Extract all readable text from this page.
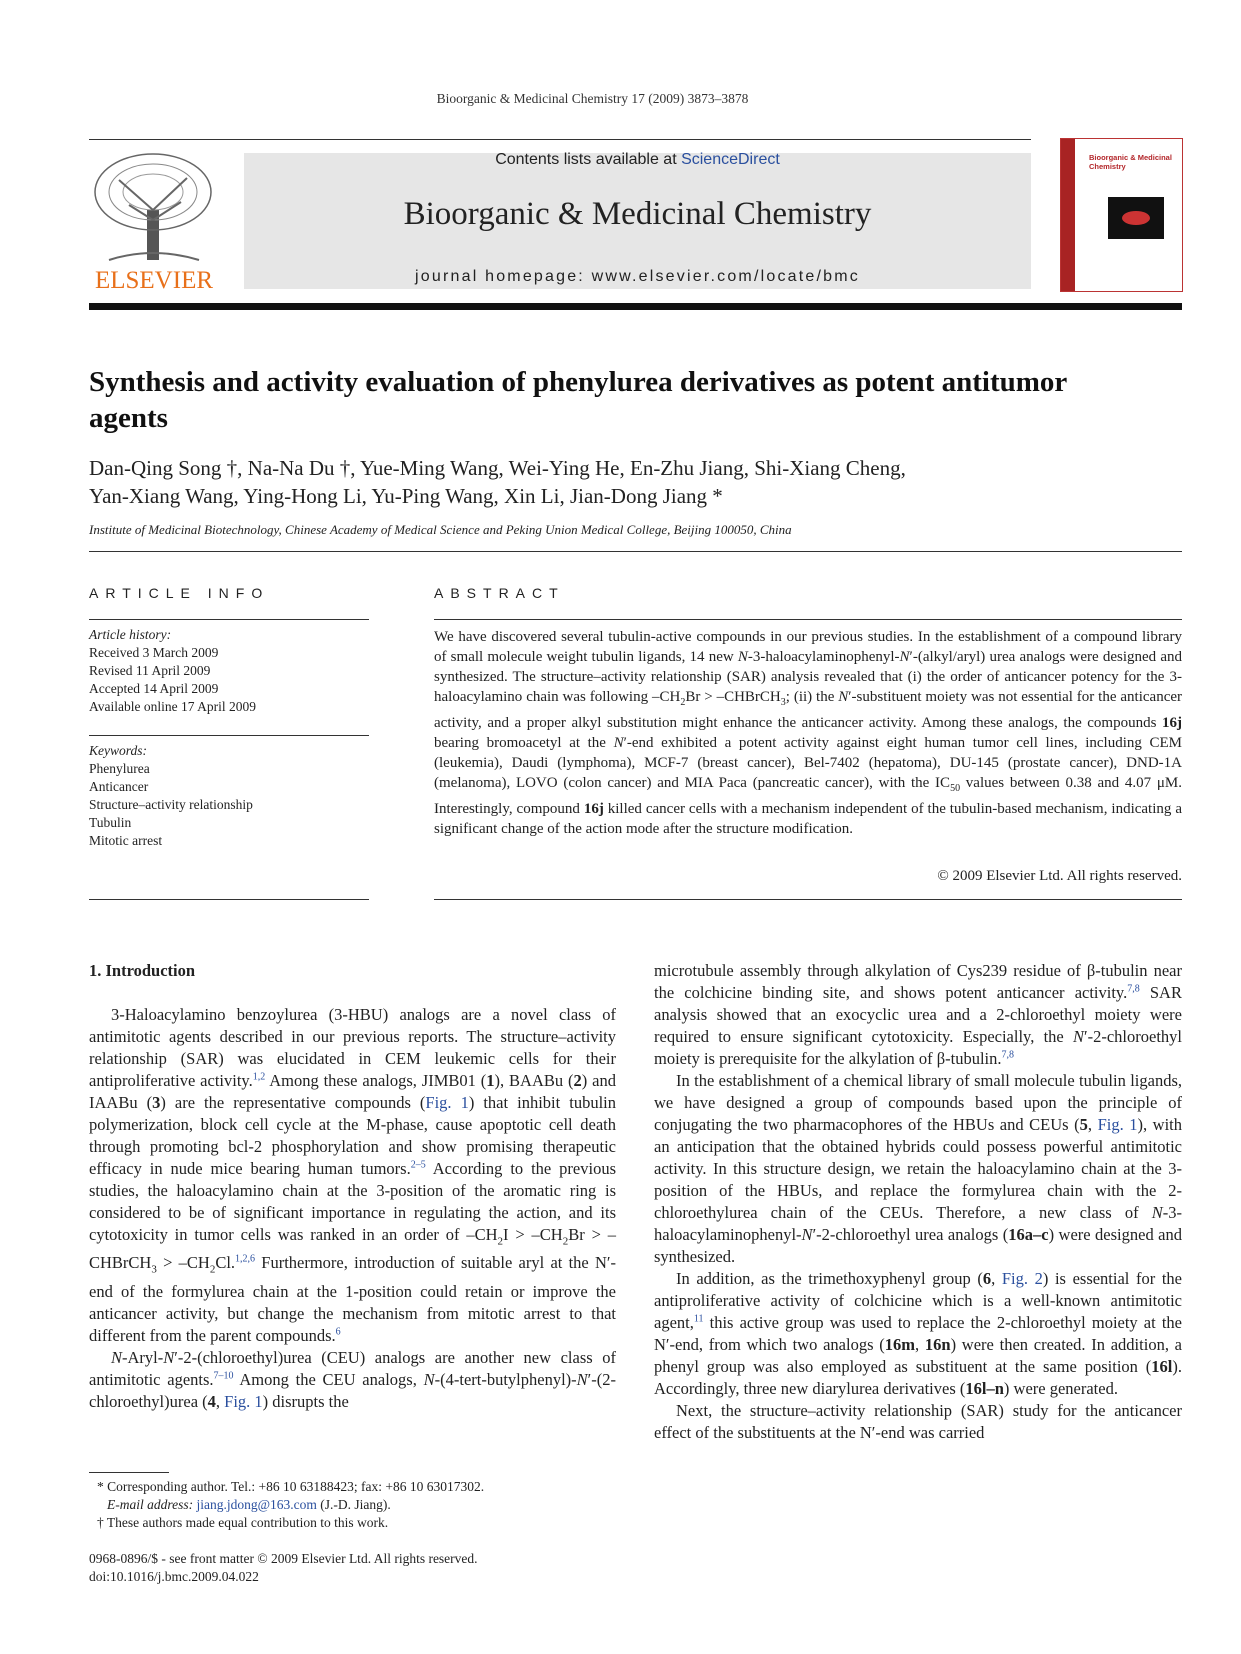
Bioorganic & Medicinal Chemistry 17 (2009) 3873–3878
ELSEVIER
Contents lists available at ScienceDirect
Bioorganic & Medicinal Chemistry
journal homepage: www.elsevier.com/locate/bmc
Bioorganic & Medicinal Chemistry
Synthesis and activity evaluation of phenylurea derivatives as potent antitumor agents
Dan-Qing Song †, Na-Na Du †, Yue-Ming Wang, Wei-Ying He, En-Zhu Jiang, Shi-Xiang Cheng,
Yan-Xiang Wang, Ying-Hong Li, Yu-Ping Wang, Xin Li, Jian-Dong Jiang *
Institute of Medicinal Biotechnology, Chinese Academy of Medical Science and Peking Union Medical College, Beijing 100050, China
ARTICLE INFO	ABSTRACT
Article history:
Received 3 March 2009
Revised 11 April 2009
Accepted 14 April 2009
Available online 17 April 2009
Keywords:
Phenylurea
Anticancer
Structure–activity relationship
Tubulin
Mitotic arrest
We have discovered several tubulin-active compounds in our previous studies. In the establishment of a compound library of small molecule weight tubulin ligands, 14 new N-3-haloacylaminophenyl-N′-(alkyl/aryl) urea analogs were designed and synthesized. The structure–activity relationship (SAR) analysis revealed that (i) the order of anticancer potency for the 3-haloacylamino chain was following $-CH_2Br$ > –CHBrCH$_3$; (ii) the N′-substituent moiety was not essential for the anticancer activity, and a proper alkyl substitution might enhance the anticancer activity. Among these analogs, the compounds 16j bearing bromoacetyl at the N′-end exhibited a potent activity against eight human tumor cell lines, including CEM (leukemia), Daudi (lymphoma), MCF-7 (breast cancer), Bel-7402 (hepatoma), DU-145 (prostate cancer), DND-1A (melanoma), LOVO (colon cancer) and MIA Paca (pancreatic cancer), with the $IC_{50}$ values between 0.38 and 4.07 μM. Interestingly, compound 16j killed cancer cells with a mechanism independent of the tubulin-based mechanism, indicating a significant change of the action mode after the structure modification.
© 2009 Elsevier Ltd. All rights reserved.
1. Introduction

3-Haloacylamino benzoylurea (3-HBU) analogs are a novel class of antimitotic agents described in our previous reports. The structure–activity relationship (SAR) was elucidated in CEM leukemic cells for their antiproliferative activity.$^{1,2}$ Among these analogs, JIMB01 (1), BAABu (2) and IAABu (3) are the representative compounds (Fig. 1) that inhibit tubulin polymerization, block cell cycle at the M-phase, cause apoptotic cell death through promoting bcl-2 phosphorylation and show promising therapeutic efficacy in nude mice bearing human tumors.$^{2-5}$ According to the previous studies, the haloacylamino chain at the 3-position of the aromatic ring is considered to be of significant importance in regulating the action, and its cytotoxicity in tumor cells was ranked in an order of $-CH_2I > -CH_2Br$ > –CHBrCH$_3$ > $-CH_2Cl.^{1,2,6}$ Furthermore, introduction of suitable aryl at the N′-end of the formylurea chain at the 1-position could retain or improve the anticancer activity, but change the mechanism from mitotic arrest to that different from the parent compounds.$^6$

N-Aryl-N′-2-(chloroethyl)urea (CEU) analogs are another new class of antimitotic agents.$^{7-10}$ Among the CEU analogs, N-(4-tert-butylphenyl)-N′-(2-chloroethyl)urea (4, Fig. 1) disrupts the

microtubule assembly through alkylation of Cys239 residue of β-tubulin near the colchicine binding site, and shows potent anticancer activity.$^{7,8}$ SAR analysis showed that an exocyclic urea and a 2-chloroethyl moiety were required to ensure significant cytotoxicity. Especially, the N′-2-chloroethyl moiety is prerequisite for the alkylation of β-tubulin.$^{7,8}$

In the establishment of a chemical library of small molecule tubulin ligands, we have designed a group of compounds based upon the principle of conjugating the two pharmacophores of the HBUs and CEUs (5, Fig. 1), with an anticipation that the obtained hybrids could possess powerful antimitotic activity. In this structure design, we retain the haloacylamino chain at the 3-position of the HBUs, and replace the formylurea chain with the 2-chloroethylurea chain of the CEUs. Therefore, a new class of N-3-haloacylaminophenyl-N′-2-chloroethyl urea analogs (16a–c) were designed and synthesized.

In addition, as the trimethoxyphenyl group (6, Fig. 2) is essential for the antiproliferative activity of colchicine which is a well-known antimitotic agent,$^{11}$ this active group was used to replace the 2-chloroethyl moiety at the N′-end, from which two analogs (16m, 16n) were then created. In addition, a phenyl group was also employed as substituent at the same position (16l). Accordingly, three new diarylurea derivatives (16l–n) were generated.

Next, the structure–activity relationship (SAR) study for the anticancer effect of the substituents at the N′-end was carried

* Corresponding author. Tel.: +86 10 63188423; fax: +86 10 63017302.
E-mail address: jiang.jdong@163.com (J.-D. Jiang).
† These authors made equal contribution to this work.
0968-0896/$ - see front matter © 2009 Elsevier Ltd. All rights reserved.
doi:10.1016/j.bmc.2009.04.022
